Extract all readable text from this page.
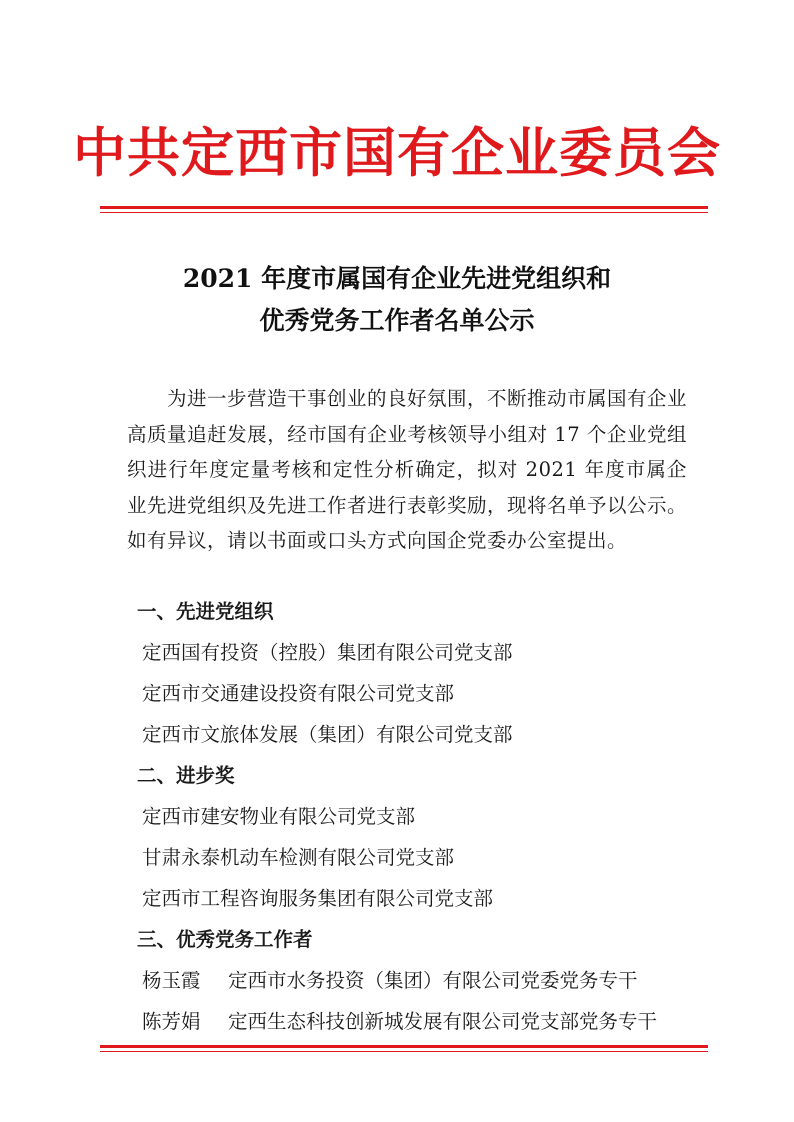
中共定西市国有企业委员会
2021 年度市属国有企业先进党组织和
优秀党务工作者名单公示

为进一步营造干事创业的良好氛围，不断推动市属国有企业高质量追赶发展，经市国有企业考核领导小组对 17 个企业党组织进行年度定量考核和定性分析确定，拟对 2021 年度市属企业先进党组织及先进工作者进行表彰奖励，现将名单予以公示。如有异议，请以书面或口头方式向国企党委办公室提出。

一、先进党组织
定西国有投资（控股）集团有限公司党支部
定西市交通建设投资有限公司党支部
定西市文旅体发展（集团）有限公司党支部
二、进步奖
定西市建安物业有限公司党支部
甘肃永泰机动车检测有限公司党支部
定西市工程咨询服务集团有限公司党支部
三、优秀党务工作者
杨玉霞 定西市水务投资（集团）有限公司党委党务专干
陈芳娟 定西生态科技创新城发展有限公司党支部党务专干
